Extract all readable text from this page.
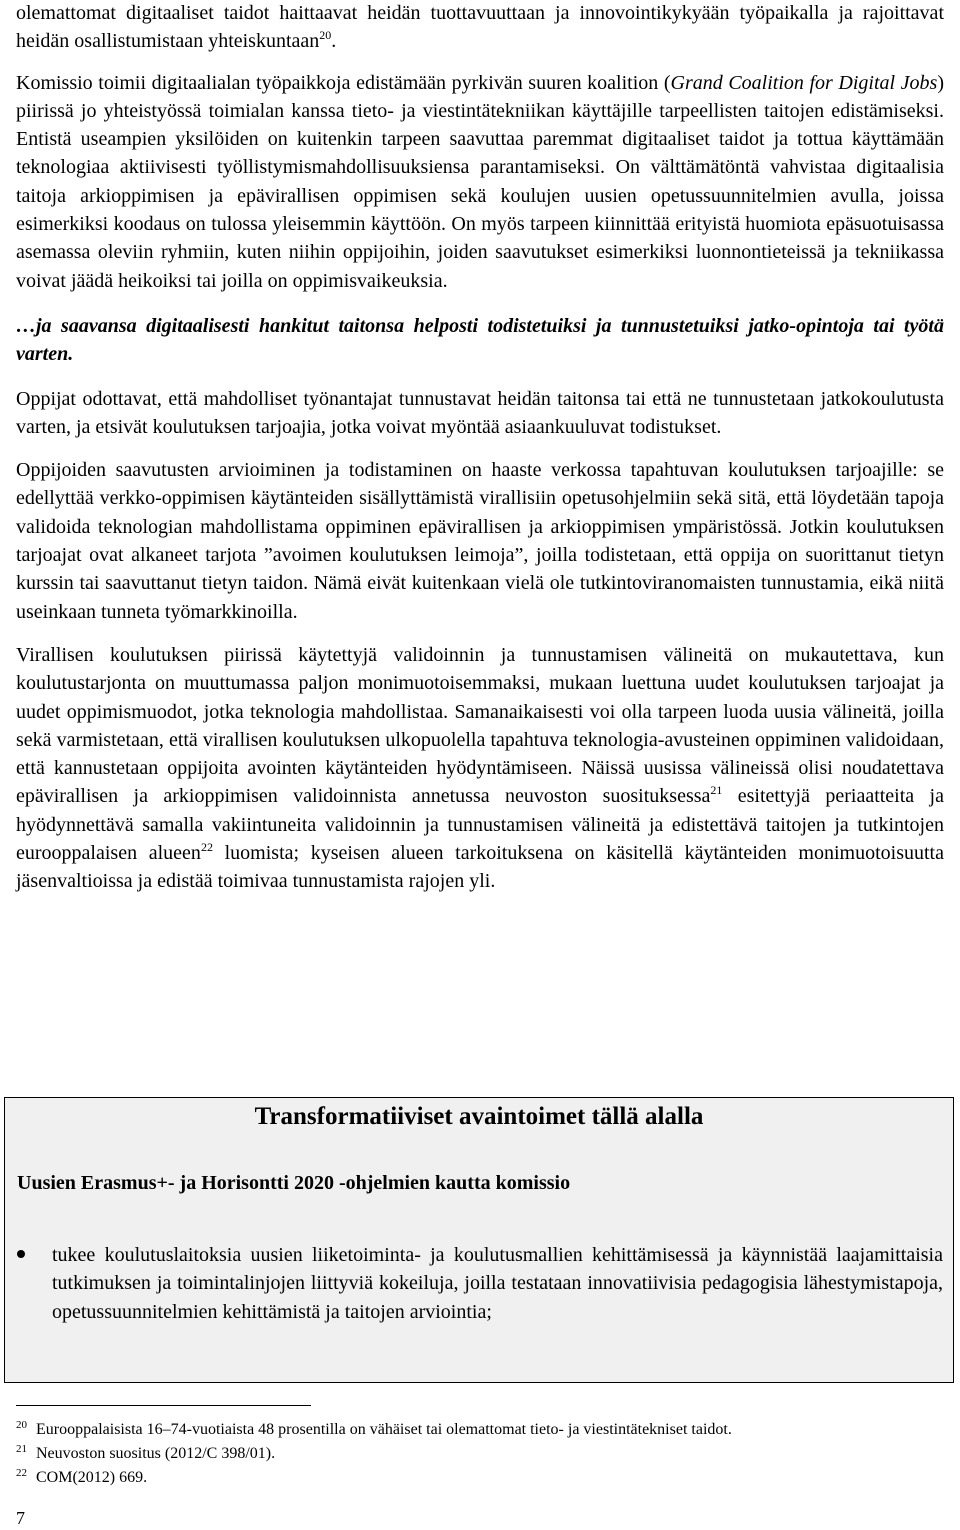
olemattomat digitaaliset taidot haittaavat heidän tuottavuuttaan ja innovointikykyään työpaikalla ja rajoittavat heidän osallistumistaan yhteiskuntaan$^{20}$.

Komissio toimii digitaalialan työpaikkoja edistämään pyrkivän suuren koalition (Grand Coalition for Digital Jobs) piirissä jo yhteistyössä toimialan kanssa tieto- ja viestintätekniikan käyttäjille tarpeellisten taitojen edistämiseksi. Entistä useampien yksilöiden on kuitenkin tarpeen saavuttaa paremmat digitaaliset taidot ja tottua käyttämään teknologiaa aktiivisesti työllistymismahdollisuuksiensa parantamiseksi. On välttämätöntä vahvistaa digitaalisia taitoja arkioppimisen ja epävirallisen oppimisen sekä koulujen uusien opetussuunnitelmien avulla, joissa esimerkiksi koodaus on tulossa yleisemmin käyttöön. On myös tarpeen kiinnittää erityistä huomiota epäsuotuisassa asemassa oleviin ryhmiin, kuten niihin oppijoihin, joiden saavutukset esimerkiksi luonnontieteissä ja tekniikassa voivat jäädä heikoiksi tai joilla on oppimisvaikeuksia.

…ja saavansa digitaalisesti hankitut taitonsa helposti todistetuiksi ja tunnustetuiksi jatko-opintoja tai työtä varten.

Oppijat odottavat, että mahdolliset työnantajat tunnustavat heidän taitonsa tai että ne tunnustetaan jatkokoulutusta varten, ja etsivät koulutuksen tarjoajia, jotka voivat myöntää asiaankuuluvat todistukset.

Oppijoiden saavutusten arvioiminen ja todistaminen on haaste verkossa tapahtuvan koulutuksen tarjoajille: se edellyttää verkko-oppimisen käytänteiden sisällyttämistä virallisiin opetusohjelmiin sekä sitä, että löydetään tapoja validoida teknologian mahdollistama oppiminen epävirallisen ja arkioppimisen ympäristössä. Jotkin koulutuksen tarjoajat ovat alkaneet tarjota ”avoimen koulutuksen leimoja”, joilla todistetaan, että oppija on suorittanut tietyn kurssin tai saavuttanut tietyn taidon. Nämä eivät kuitenkaan vielä ole tutkintoviranomaisten tunnustamia, eikä niitä useinkaan tunneta työmarkkinoilla.

Virallisen koulutuksen piirissä käytettyjä validoinnin ja tunnustamisen välineitä on mukautettava, kun koulutustarjonta on muuttumassa paljon monimuotoisemmaksi, mukaan luettuna uudet koulutuksen tarjoajat ja uudet oppimismuodot, jotka teknologia mahdollistaa. Samanaikaisesti voi olla tarpeen luoda uusia välineitä, joilla sekä varmistetaan, että virallisen koulutuksen ulkopuolella tapahtuva teknologia-avusteinen oppiminen validoidaan, että kannustetaan oppijoita avointen käytänteiden hyödyntämiseen. Näissä uusissa välineissä olisi noudatettava epävirallisen ja arkioppimisen validoinnista annetussa neuvoston suosituksessa$^{21}$ esitettyjä periaatteita ja hyödynnettävä samalla vakiintuneita validoinnin ja tunnustamisen välineitä ja edistettävä taitojen ja tutkintojen eurooppalaisen alueen$^{22}$ luomista; kyseisen alueen tarkoituksena on käsitellä käytänteiden monimuotoisuutta jäsenvaltioissa ja edistää toimivaa tunnustamista rajojen yli.

Transformatiiviset avaintoimet tällä alalla
Uusien Erasmus+- ja Horisontti 2020 -ohjelmien kautta komissio
tukee koulutuslaitoksia uusien liiketoiminta- ja koulutusmallien kehittämisessä ja käynnistää laajamittaisia tutkimuksen ja toimintalinjojen liittyviä kokeiluja, joilla testataan innovatiivisia pedagogisia lähestymistapoja, opetussuunnitelmien kehittämistä ja taitojen arviointia;
$^{20}$ Eurooppalaisista 16–74-vuotiaista 48 prosentilla on vähäiset tai olemattomat tieto- ja viestintätekniset taidot.
$^{21}$ Neuvoston suositus (2012/C 398/01).
$^{22}$ COM(2012) 669.
7
